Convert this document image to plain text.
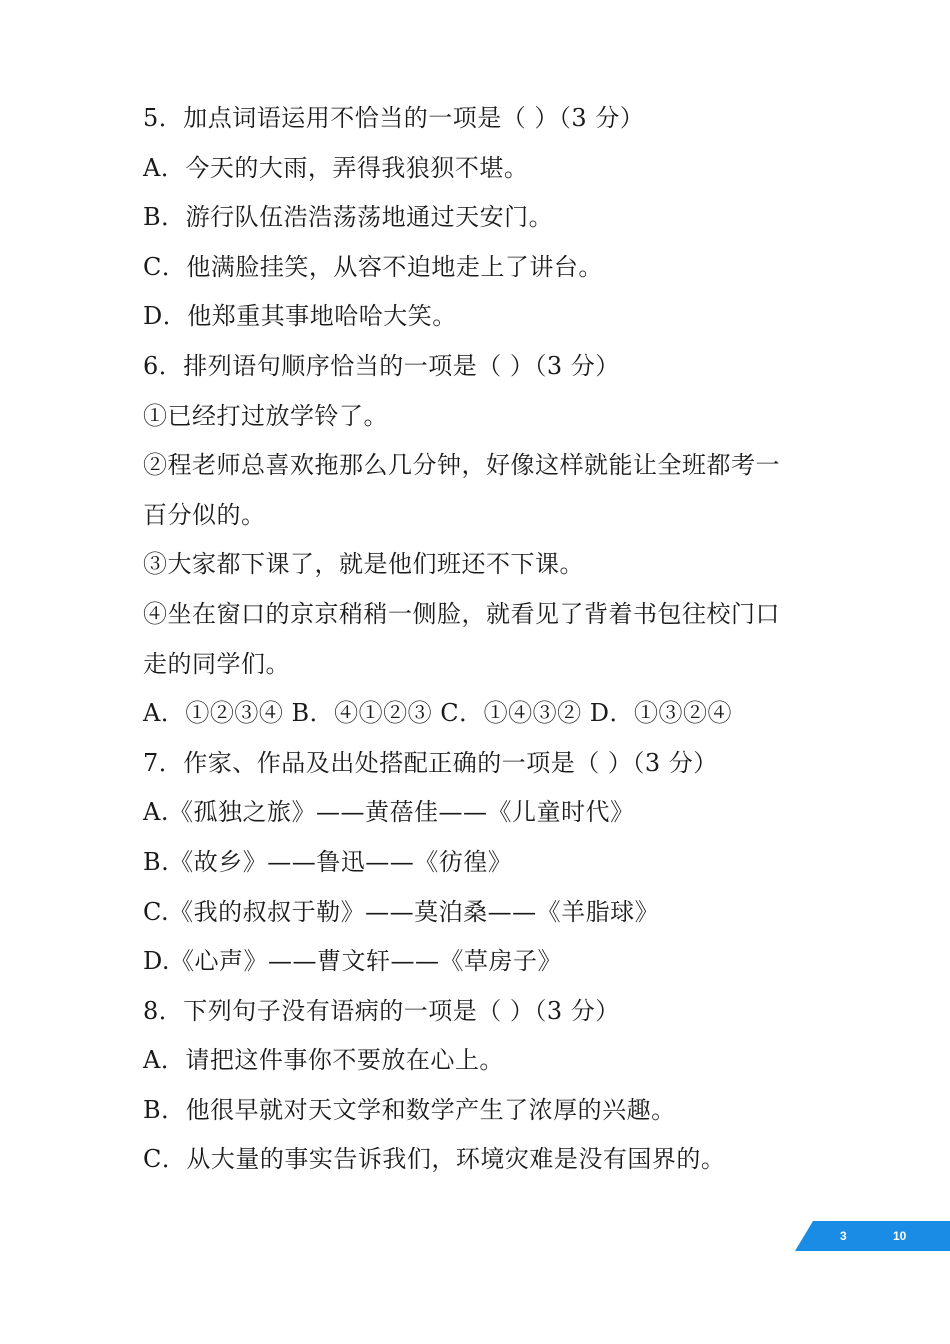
5．加点词语运用不恰当的一项是（ ）（3 分）
A．今天的大雨，弄得我狼狈不堪。
B．游行队伍浩浩荡荡地通过天安门。
C．他满脸挂笑，从容不迫地走上了讲台。
D．他郑重其事地哈哈大笑。
6．排列语句顺序恰当的一项是（ ）（3 分）
①已经打过放学铃了。
②程老师总喜欢拖那么几分钟，好像这样就能让全班都考一
百分似的。
③大家都下课了，就是他们班还不下课。
④坐在窗口的京京稍稍一侧脸，就看见了背着书包往校门口
走的同学们。
A．①②③④ B．④①②③ C．①④③② D．①③②④
7．作家、作品及出处搭配正确的一项是（ ）（3 分）
A.《孤独之旅》——黄蓓佳——《儿童时代》
B.《故乡》——鲁迅——《彷徨》
C.《我的叔叔于勒》——莫泊桑——《羊脂球》
D.《心声》——曹文轩——《草房子》
8．下列句子没有语病的一项是（ ）（3 分）
A．请把这件事你不要放在心上。
B．他很早就对天文学和数学产生了浓厚的兴趣。
C．从大量的事实告诉我们，环境灾难是没有国界的。
3	10
